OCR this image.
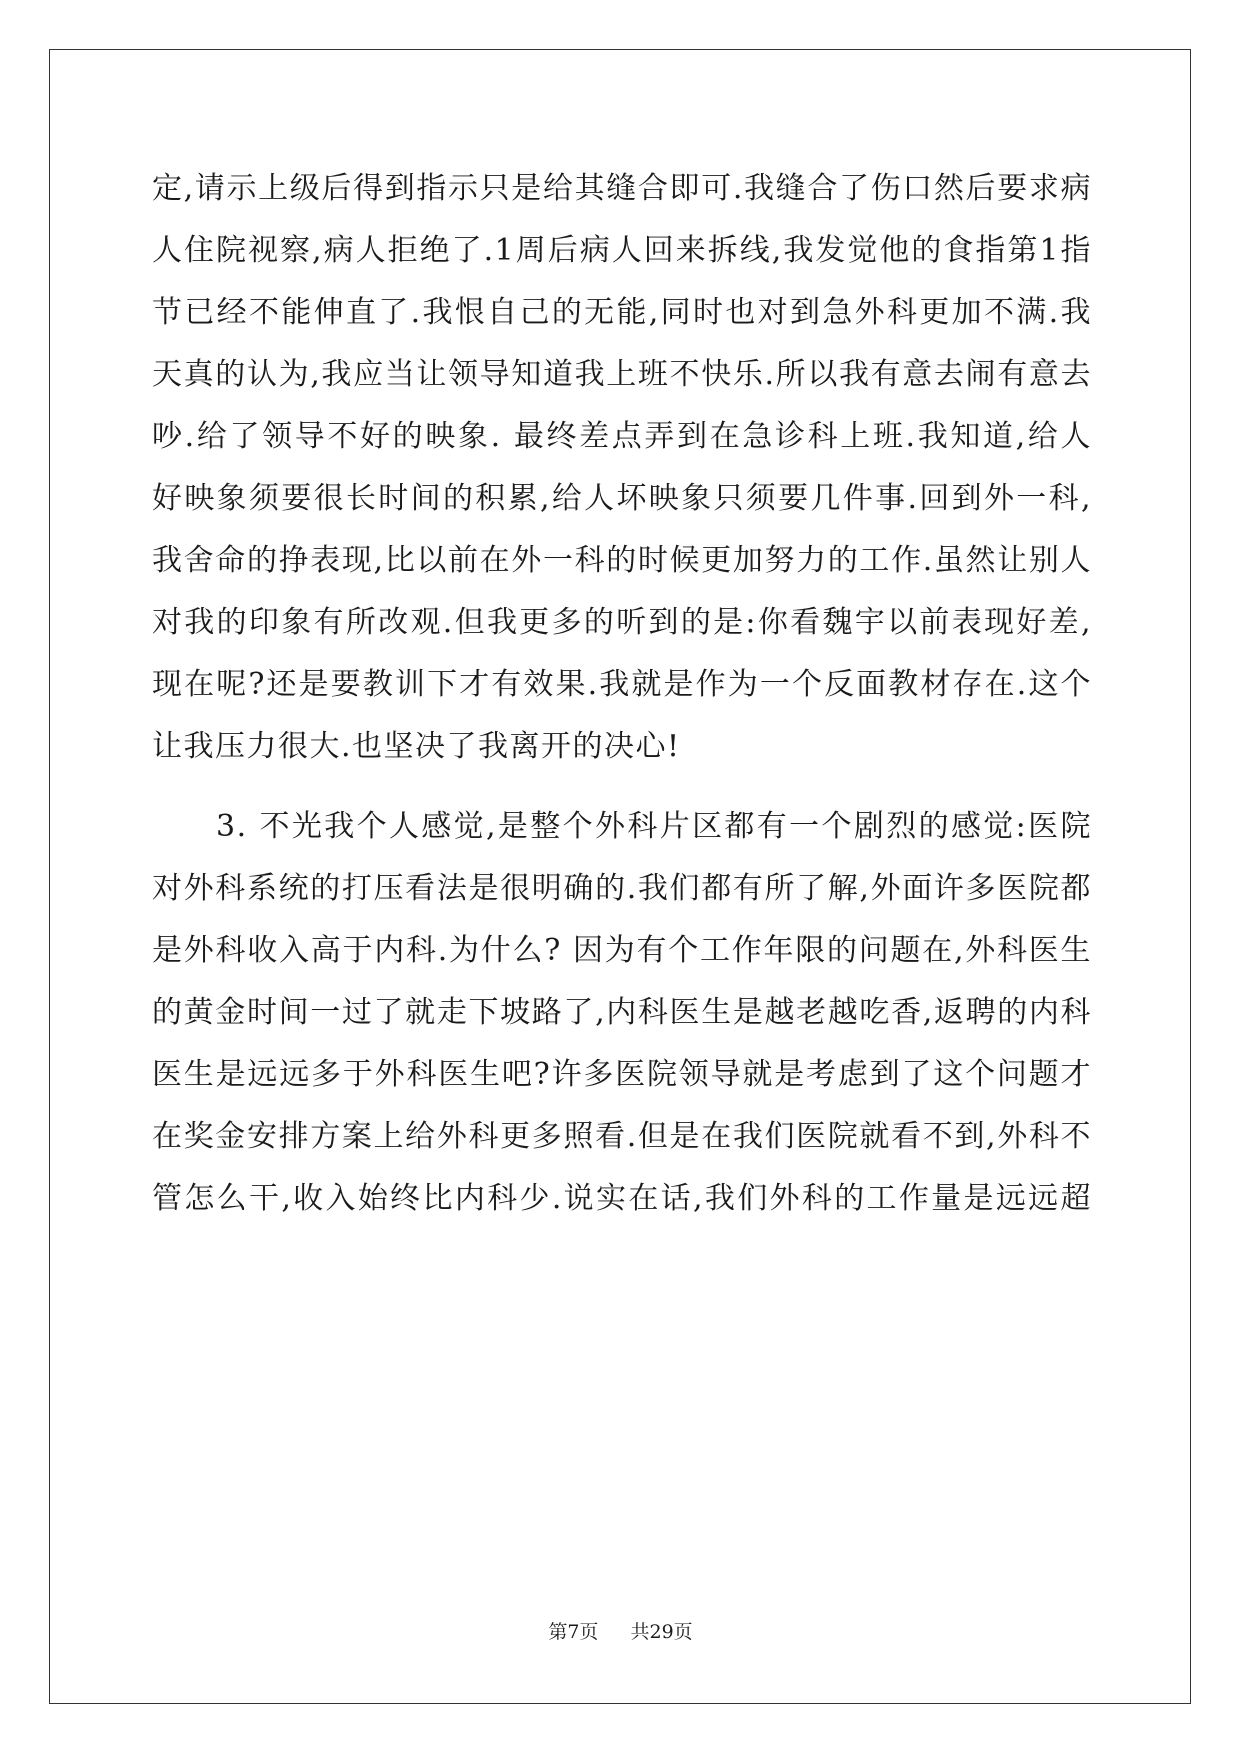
定,请示上级后得到指示只是给其缝合即可.我缝合了伤口然后要求病
人住院视察,病人拒绝了.1周后病人回来拆线,我发觉他的食指第1指
节已经不能伸直了.我恨自己的无能,同时也对到急外科更加不满.我
天真的认为,我应当让领导知道我上班不快乐.所以我有意去闹有意去
吵.给了领导不好的映象. 最终差点弄到在急诊科上班.我知道,给人
好映象须要很长时间的积累,给人坏映象只须要几件事.回到外一科,
我舍命的挣表现,比以前在外一科的时候更加努力的工作.虽然让别人
对我的印象有所改观.但我更多的听到的是:你看魏宇以前表现好差,
现在呢?还是要教训下才有效果.我就是作为一个反面教材存在.这个
让我压力很大.也坚决了我离开的决心!
3. 不光我个人感觉,是整个外科片区都有一个剧烈的感觉:医院
对外科系统的打压看法是很明确的.我们都有所了解,外面许多医院都
是外科收入高于内科.为什么? 因为有个工作年限的问题在,外科医生
的黄金时间一过了就走下坡路了,内科医生是越老越吃香,返聘的内科
医生是远远多于外科医生吧?许多医院领导就是考虑到了这个问题才
在奖金安排方案上给外科更多照看.但是在我们医院就看不到,外科不
管怎么干,收入始终比内科少.说实在话,我们外科的工作量是远远超
第7页 共29页
